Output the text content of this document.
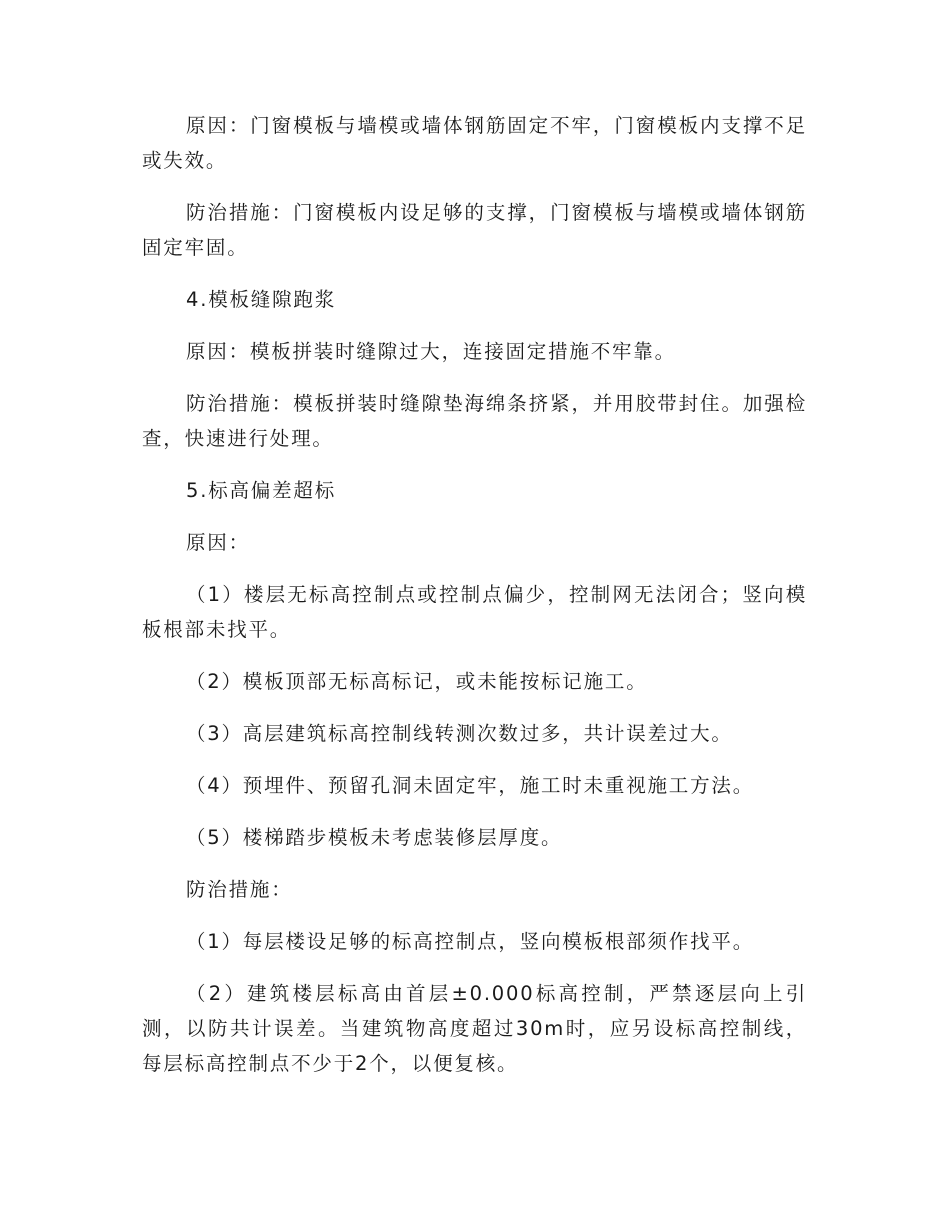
原因：门窗模板与墙模或墙体钢筋固定不牢，门窗模板内支撑不足或失效。

防治措施：门窗模板内设足够的支撑，门窗模板与墙模或墙体钢筋固定牢固。

4.模板缝隙跑浆

原因：模板拼装时缝隙过大，连接固定措施不牢靠。

防治措施：模板拼装时缝隙垫海绵条挤紧，并用胶带封住。加强检查，快速进行处理。

5.标高偏差超标

原因：

（1）楼层无标高控制点或控制点偏少，控制网无法闭合；竖向模板根部未找平。

（2）模板顶部无标高标记，或未能按标记施工。

（3）高层建筑标高控制线转测次数过多，共计误差过大。

（4）预埋件、预留孔洞未固定牢，施工时未重视施工方法。

（5）楼梯踏步模板未考虑装修层厚度。

防治措施：

（1）每层楼设足够的标高控制点，竖向模板根部须作找平。

（2）建筑楼层标高由首层±0.000标高控制，严禁逐层向上引测，以防共计误差。当建筑物高度超过30m时，应另设标高控制线，每层标高控制点不少于2个，以便复核。
